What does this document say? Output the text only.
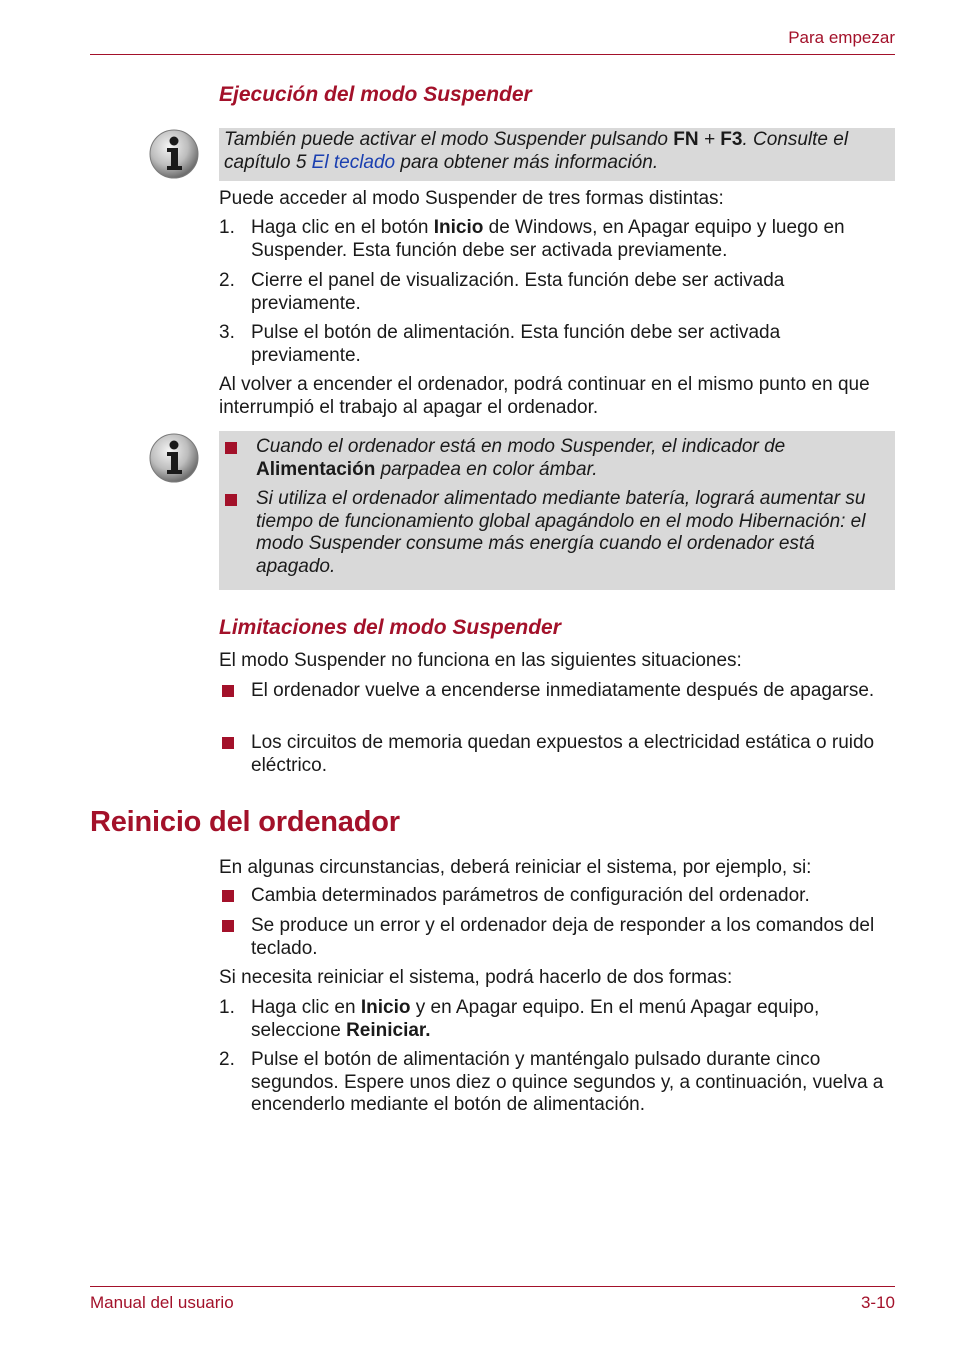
Para empezar
Ejecución del modo Suspender
También puede activar el modo Suspender pulsando FN + F3. Consulte el capítulo 5 El teclado para obtener más información.
Puede acceder al modo Suspender de tres formas distintas:
1. Haga clic en el botón Inicio de Windows, en Apagar equipo y luego en Suspender. Esta función debe ser activada previamente.
2. Cierre el panel de visualización. Esta función debe ser activada previamente.
3. Pulse el botón de alimentación. Esta función debe ser activada previamente.
Al volver a encender el ordenador, podrá continuar en el mismo punto en que interrumpió el trabajo al apagar el ordenador.
Cuando el ordenador está en modo Suspender, el indicador de Alimentación parpadea en color ámbar.
Si utiliza el ordenador alimentado mediante batería, logrará aumentar su tiempo de funcionamiento global apagándolo en el modo Hibernación: el modo Suspender consume más energía cuando el ordenador está apagado.
Limitaciones del modo Suspender
El modo Suspender no funciona en las siguientes situaciones:
El ordenador vuelve a encenderse inmediatamente después de apagarse.
Los circuitos de memoria quedan expuestos a electricidad estática o ruido eléctrico.
Reinicio del ordenador
En algunas circunstancias, deberá reiniciar el sistema, por ejemplo, si:
Cambia determinados parámetros de configuración del ordenador.
Se produce un error y el ordenador deja de responder a los comandos del teclado.
Si necesita reiniciar el sistema, podrá hacerlo de dos formas:
1. Haga clic en Inicio y en Apagar equipo. En el menú Apagar equipo, seleccione Reiniciar.
2. Pulse el botón de alimentación y manténgalo pulsado durante cinco segundos. Espere unos diez o quince segundos y, a continuación, vuelva a encenderlo mediante el botón de alimentación.
Manual del usuario	3-10
